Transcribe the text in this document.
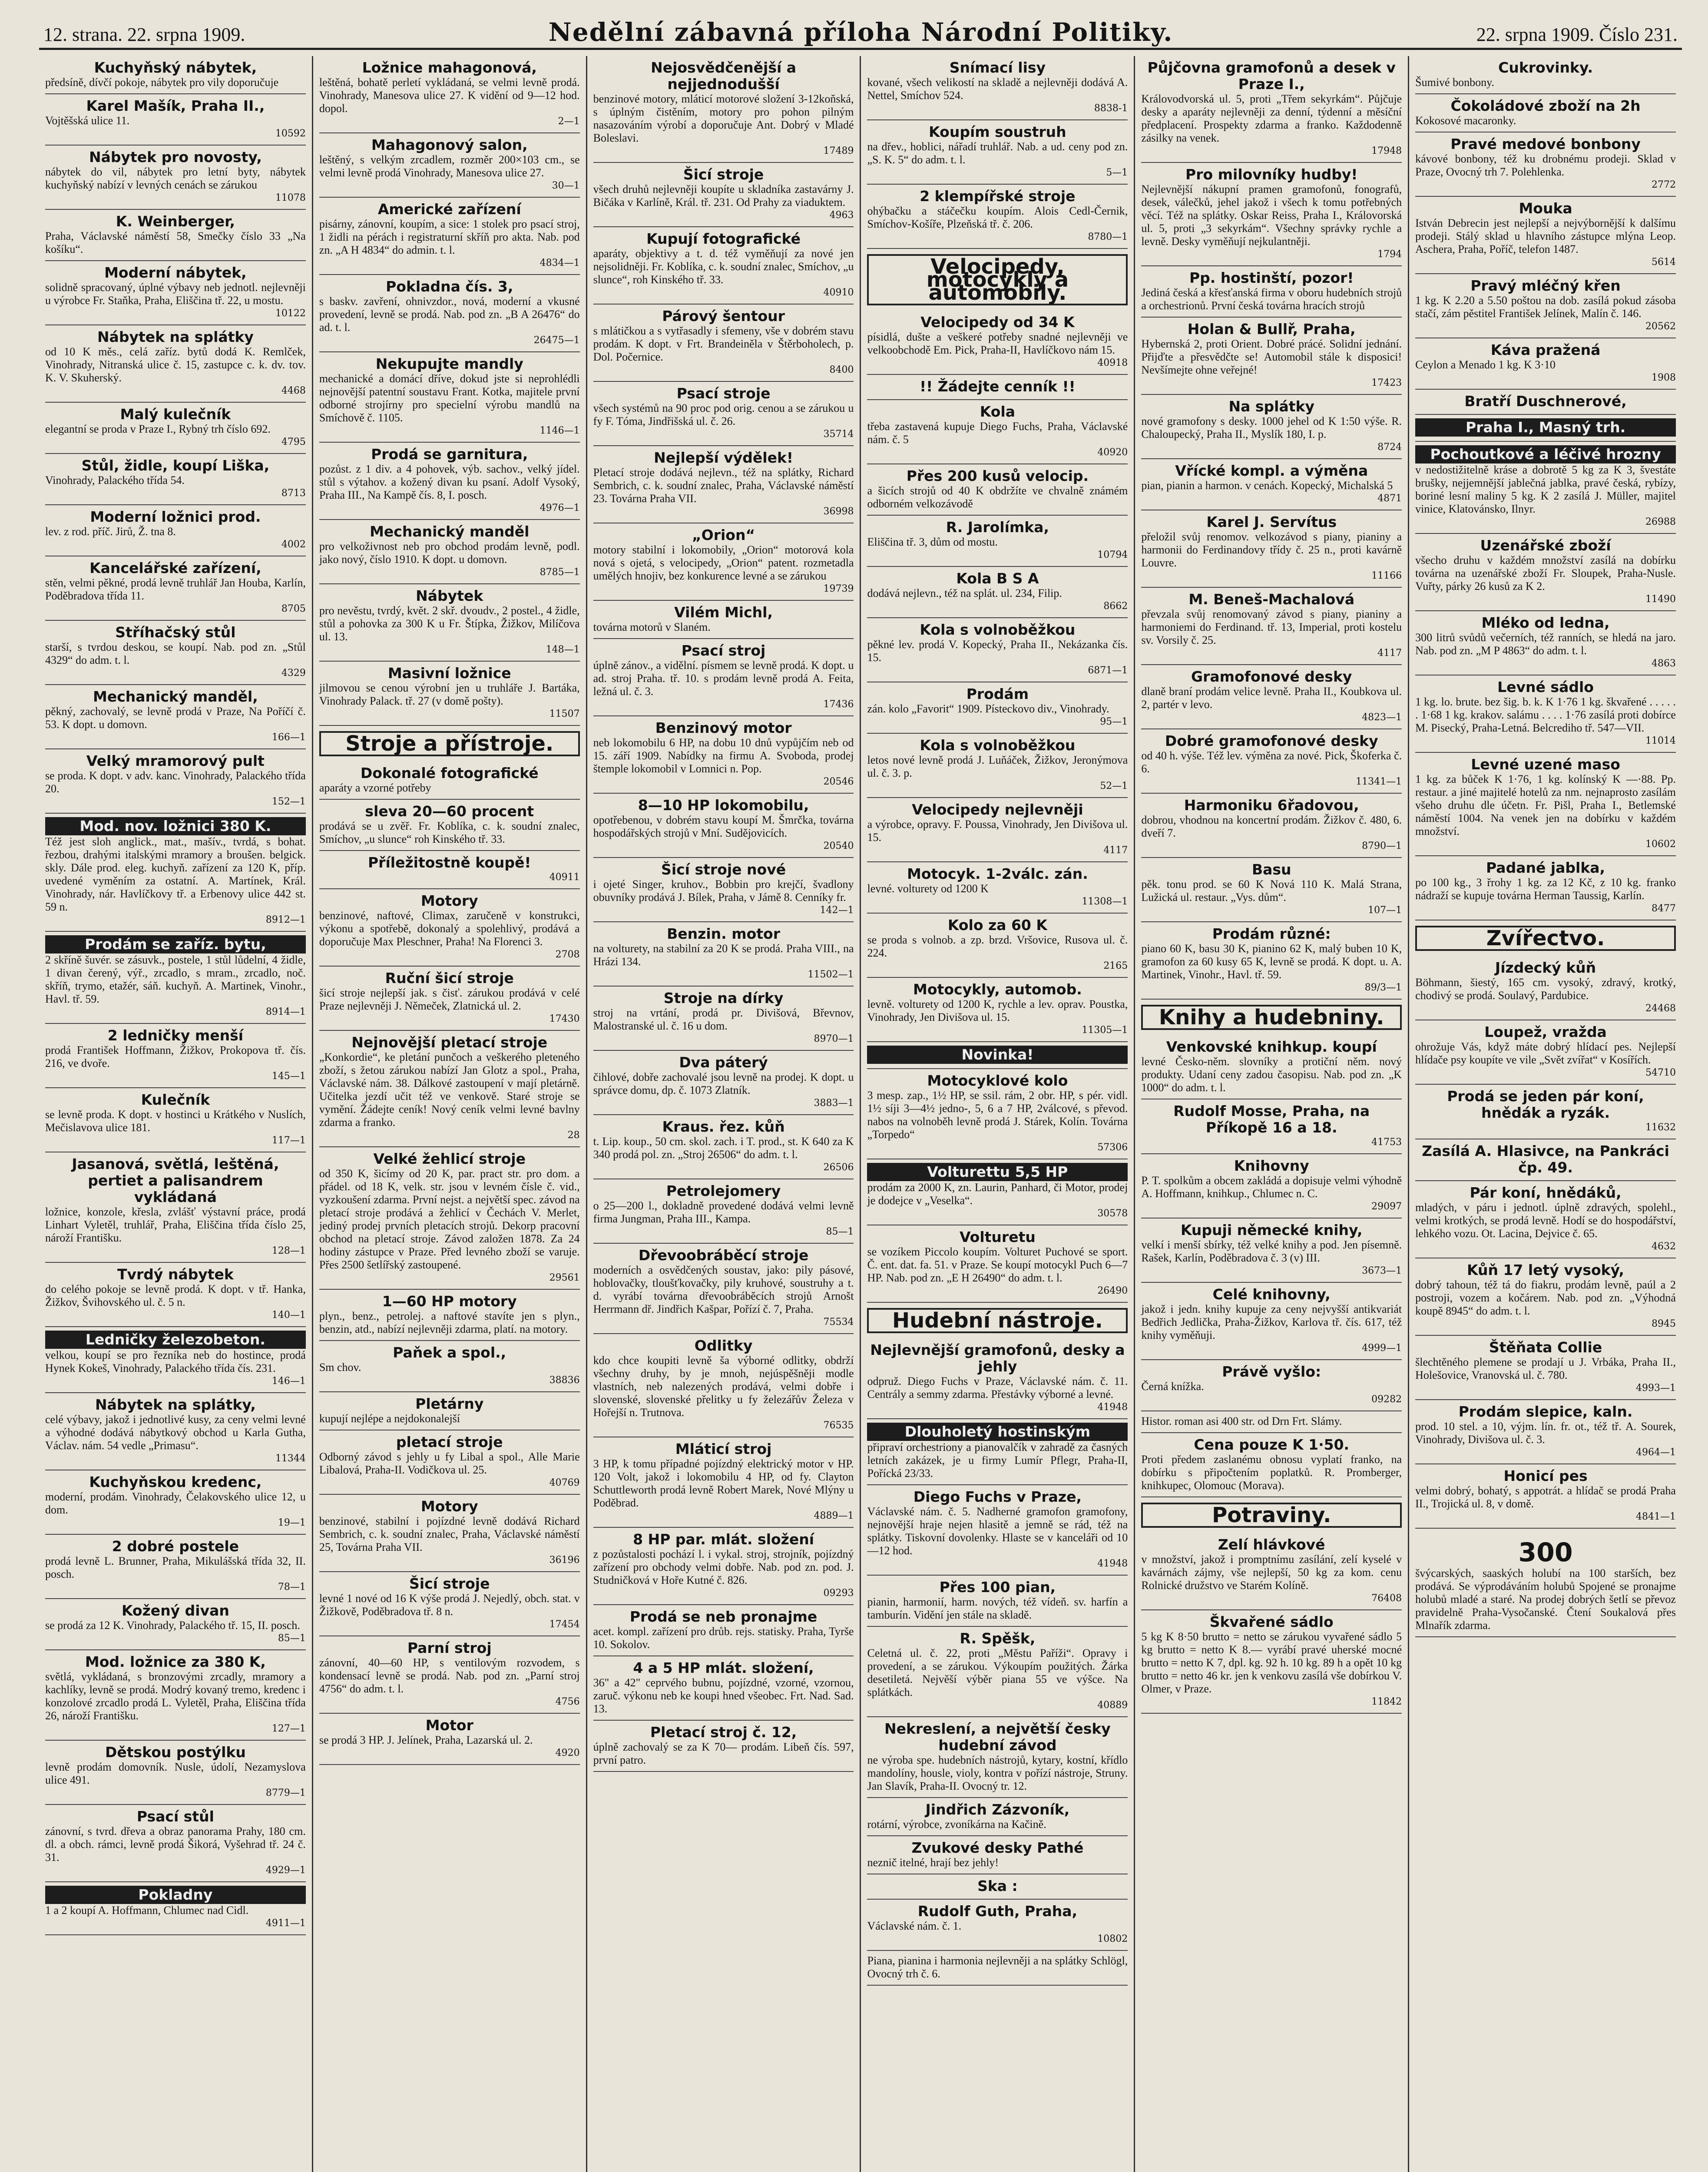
12. strana. 22. srpna 1909.	Nedělní zábavná příloha Národní Politiky.	22. srpna 1909. Číslo 231.
Kuchyňský nábytek,
předsíně, dívčí pokoje, nábytek pro vily doporučuje
Karel Mašík, Praha II.,
Vojtěšská ulice 11.
10592
Nábytek pro novosty,
nábytek do vil, nábytek pro letní byty, nábytek kuchyňský nabízí v levných cenách se zárukou
11078
K. Weinberger,
Praha, Václavské náměstí 58, Smečky číslo 33 „Na košíku“.
Moderní nábytek,
solidně spracovaný, úplné výbavy neb jednotl. nejlevněji u výrobce Fr. Staňka, Praha, Eliščina tř. 22, u mostu.
10122
Nábytek na splátky
od 10 K měs., celá zaříz. bytů dodá K. Remlček, Vinohrady, Nitranská ulice č. 15, zastupce c. k. dv. tov. K. V. Skuherský.
4468
Malý kulečník
elegantní se proda v Praze I., Rybný trh číslo 692.
4795
Stůl, židle, koupí Liška,
Vinohrady, Palackého třída 54.
8713
Moderní ložnici prod.
lev. z rod. příč. Jirů, Ž. tna 8.
4002
Kancelářské zařízení,
stěn, velmi pěkné, prodá levně truhlář Jan Houba, Karlín, Poděbradova třída 11.
8705
Stříhačský stůl
starší, s tvrdou deskou, se koupí. Nab. pod zn. „Stůl 4329“ do adm. t. l.
4329
Mechanický manděl,
pěkný, zachovalý, se levně prodá v Praze, Na Poříčí č. 53. K dopt. u domovn.
166—1
Velký mramorový pult
se proda. K dopt. v adv. kanc. Vinohrady, Palackého třída 20.
152—1
Mod. nov. ložnici 380 K.
Též jest sloh anglick., mat., mašív., tvrdá, s bohat. řezbou, drahými italskými mramory a broušen. belgick. skly. Dále prod. eleg. kuchyň. zařízení za 120 K, příp. uvedené vyměním za ostatní. A. Martínek, Král. Vinohrady, nár. Havlíčkovy tř. a Erbenovy ulice 442 st. 59 n.
8912—1
Prodám se zaříz. bytu,
2 skříně šuvér. se zásuvk., postele, 1 stůl lůdelní, 4 židle, 1 divan čerený, výř., zrcadlo, s mram., zrcadlo, noč. skříň, trymo, etažér, sáň. kuchyň. A. Martinek, Vinohr., Havl. tř. 59.
8914—1
2 ledničky menší
prodá František Hoffmann, Žižkov, Prokopova tř. čís. 216, ve dvoře.
145—1
Kulečník
se levně proda. K dopt. v hostinci u Krátkého v Nuslích, Mečislavova ulice 181.
117—1
Jasanová, světlá, leštěná, pertiet a palisandrem vykládaná
ložnice, konzole, křesla, zvlášť výstavní práce, prodá Linhart Vyletěl, truhlář, Praha, Eliščina třída číslo 25, nároží Františku.
128—1
Tvrdý nábytek
do celého pokoje se levně prodá. K dopt. v tř. Hanka, Žižkov, Švihovského ul. č. 5 n.
140—1
Ledničky železobeton.
velkou, koupí se pro řezníka neb do hostince, prodá Hynek Kokeš, Vinohrady, Palackého třída čís. 231.
146—1
Nábytek na splátky,
celé výbavy, jakož i jednotlivé kusy, za ceny velmi levné a výhodné dodává nábytkový obchod u Karla Gutha, Václav. nám. 54 vedle „Primasu“.
11344
Kuchyňskou kredenc,
moderní, prodám. Vinohrady, Čelakovského ulice 12, u dom.
19—1
2 dobré postele
prodá levně L. Brunner, Praha, Mikulášská třída 32, II. posch.
78—1
Kožený divan
se prodá za 12 K. Vinohrady, Palackého tř. 15, II. posch.
85—1
Mod. ložnice za 380 K,
světlá, vykládaná, s bronzovými zrcadly, mramory a kachlíky, levně se prodá. Modrý kovaný tremo, kredenc i konzolové zrcadlo prodá L. Vyletěl, Praha, Eliščina třída 26, nároží Františku.
127—1
Dětskou postýlku
levně prodám domovník. Nusle, údolí, Nezamyslova ulice 491.
8779—1
Psací stůl
zánovní, s tvrd. dřeva a obraz panorama Prahy, 180 cm. dl. a obch. rámci, levně prodá Šikorá, Vyšehrad tř. 24 č. 31.
4929—1
Pokladny
1 a 2 koupí A. Hoffmann, Chlumec nad Cidl.
4911—1
Ložnice mahagonová,
leštěná, bohatě perletí vykládaná, se velmi levně prodá. Vinohrady, Manesova ulice 27. K vidění od 9—12 hod. dopol.
2—1
Mahagonový salon,
leštěný, s velkým zrcadlem, rozměr 200×103 cm., se velmi levně prodá Vinohrady, Manesova ulice 27.
30—1
Americké zařízení
pisárny, zánovní, koupím, a sice: 1 stolek pro psací stroj, 1 židli na pérách i registraturní skříň pro akta. Nab. pod zn. „A H 4834“ do admin. t. l.
4834—1
Pokladna čís. 3,
s baskv. zavření, ohnivzdor., nová, moderní a vkusné provedení, levně se prodá. Nab. pod zn. „B A 26476“ do ad. t. l.
26475—1
Nekupujte mandly
mechanické a domácí dříve, dokud jste si neprohlédli nejnovější patentní soustavu Frant. Kotka, majitele první odborné strojírny pro specielní výrobu mandlů na Smíchově č. 1105.
1146—1
Prodá se garnitura,
pozůst. z 1 div. a 4 pohovek, výb. sachov., velký jídel. stůl s výtahov. a kožený divan ku psaní. Adolf Vysoký, Praha III., Na Kampě čís. 8, I. posch.
4976—1
Mechanický manděl
pro velkoživnost neb pro obchod prodám levně, podl. jako nový, číslo 1910. K dopt. u domovn.
8785—1
Nábytek
pro nevěstu, tvrdý, květ. 2 skř. dvoudv., 2 postel., 4 židle, stůl a pohovka za 300 K u Fr. Štípka, Žižkov, Milíčova ul. 13.
148—1
Masivní ložnice
jilmovou se cenou výrobní jen u truhláře J. Bartáka, Vinohrady Palack. tř. 27 (v domě pošty).
11507
Stroje a přístroje.
Dokonalé fotografické
aparáty a vzorné potřeby
sleva 20—60 procent
prodává se u zvěř. Fr. Koblíka, c. k. soudní znalec, Smíchov, „u slunce“ roh Kinského tř. 33.
Příležitostně koupě!
40911
Motory
benzinové, naftové, Climax, zaručeně v konstrukci, výkonu a spotřebě, dokonalý a spolehlivý, prodává a doporučuje Max Pleschner, Praha! Na Florenci 3.
2708
Ruční šicí stroje
šicí stroje nejlepší jak. s čisť. zárukou prodává v celé Praze nejlevněji J. Němeček, Zlatnická ul. 2.
17430
Nejnovější pletací stroje
„Konkordie“, ke pletání punčoch a veškerého pleteného zboží, s žetou zárukou nabízí Jan Glotz a spol., Praha, Václavské nám. 38. Dálkové zastoupení v mají pletárně. Učitelka jezdí učit též ve venkově. Staré stroje se vymění. Žádejte ceník! Nový ceník velmi levné bavlny zdarma a franko.
28
Velké žehlicí stroje
od 350 K, šicímy od 20 K, par. pract str. pro dom. a přádel. od 18 K, velk. str. jsou v levném čísle č. vid., vyzkoušení zdarma. První nejst. a největší spec. závod na pletací stroje prodává a žehlicí v Čechách V. Merlet, jediný prodej prvních pletacích strojů. Dekorp pracovní obchod na pletací stroje. Závod založen 1878. Za 24 hodiny zástupce v Praze. Před levného zboží se varuje. Přes 2500 šetlířský zastoupené.
29561
1—60 HP motory
plyn., benz., petrolej. a naftové stavíte jen s plyn., benzin, atd., nabízí nejlevněji zdarma, platí. na motory.
Paňek a spol.,
Sm chov.
38836
Pletárny
kupují nejlépe a nejdokonalejší
pletací stroje
Odborný závod s jehly u fy Libal a spol., Alle Marie Libalová, Praha-II. Vodičkova ul. 25.
40769
Motory
benzinové, stabilní i pojízdné levně dodává Richard Sembrich, c. k. soudní znalec, Praha, Václavské náměstí 25, Továrna Praha VII.
36196
Šicí stroje
levné 1 nové od 16 K výše prodá J. Nejedlý, obch. stat. v Žižkově, Poděbradova tř. 8 n.
17454
Parní stroj
zánovní, 40—60 HP, s ventilovým rozvodem, s kondensací levně se prodá. Nab. pod zn. „Parní stroj 4756“ do adm. t. l.
4756
Motor
se prodá 3 HP. J. Jelínek, Praha, Lazarská ul. 2.
4920
Nejosvědčenější a nejjednodušší
benzinové motory, mláticí motorové složení 3-12koňská, s úplným čistěním, motory pro pohon pilným nasazováním výrobí a doporučuje Ant. Dobrý v Mladé Boleslavi.
17489
Šicí stroje
všech druhů nejlevněji koupíte u skladníka zastavárny J. Bičáka v Karlíně, Král. tř. 231. Od Prahy za viaduktem.
4963
Kupují fotografické
aparáty, objektivy a t. d. též vyměňují za nové jen nejsolidněji. Fr. Koblíka, c. k. soudní znalec, Smíchov, „u slunce“, roh Kinského tř. 33.
40910
Párový šentour
s mlátičkou a s vytřasadly i sfemeny, vše v dobrém stavu prodám. K dopt. v Frt. Brandeiněla v Štěrboholech, p. Dol. Počernice.
8400
Psací stroje
všech systémů na 90 proc pod orig. cenou a se zárukou u fy F. Tóma, Jindřišská ul. č. 26.
35714
Nejlepší výdělek!
Pletací stroje dodává nejlevn., též na splátky, Richard Sembrich, c. k. soudní znalec, Praha, Václavské náměstí 23. Továrna Praha VII.
36998
„Orion“
motory stabilní i lokomobily, „Orion“ motorová kola nová s ojetá, s velocipedy, „Orion“ patent. rozmetadla umělých hnojiv, bez konkurence levné a se zárukou
19739
Vilém Michl,
továrna motorů v Slaném.
Psací stroj
úplně zánov., a vidělní. písmem se levně prodá. K dopt. u ad. stroj Praha. tř. 10. s prodám levně prodá A. Feita, ležná ul. č. 3.
17436
Benzinový motor
neb lokomobilu 6 HP, na dobu 10 dnů vypůjčím neb od 15. září 1909. Nabídky na firmu A. Svoboda, prodej štemple lokomobil v Lomnici n. Pop.
20546
8—10 HP lokomobilu,
opotřebenou, v dobrém stavu koupí M. Šmrčka, továrna hospodářských strojů v Mní. Sudějovicích.
20540
Šicí stroje nové
i ojeté Singer, kruhov., Bobbin pro krejčí, švadlony obuvníky prodává J. Bílek, Praha, v Jámě 8. Cenníky fr.
142—1
Benzin. motor
na volturety, na stabilní za 20 K se prodá. Praha VIII., na Hrázi 134.
11502—1
Stroje na dírky
stroj na vrtání, prodá pr. Divišová, Břevnov, Malostranské ul. č. 16 u dom.
8970—1
Dva páterý
čihlové, dobře zachovalé jsou levně na prodej. K dopt. u správce domu, dp. č. 1073 Zlatník.
3883—1
Kraus. řez. kůň
t. Lip. koup., 50 cm. skol. zach. i T. prod., st. K 640 za K 340 prodá pol. zn. „Stroj 26506“ do adm. t. l.
26506
Petrolejomery
o 25—200 l., dokladně provedené dodává velmi levně firma Jungman, Praha III., Kampa.
85—1
Dřevoobráběcí stroje
moderních a osvědčených soustav, jako: pily pásové, hoblovačky, tloušťkovačky, pily kruhové, soustruhy a t. d. vyrábí továrna dřevoobráběcích strojů Arnošt Herrmann dř. Jindřich Kašpar, Pořízí č. 7, Praha.
75534
Odlitky
kdo chce koupiti levně ša výborné odlitky, obdrží všechny druhy, by je mnoh, nejúspěšněji modle vlastních, neb nalezených prodává, velmi dobře i slovenské, slovenské přelitky u fy železářův Železa v Hořejší n. Trutnova.
76535
Mláticí stroj
3 HP, k tomu případné pojízdný elektrický motor v HP. 120 Volt, jakož i lokomobilu 4 HP, od fy. Clayton Schuttleworth prodá levně Robert Marek, Nové Mlýny u Poděbrad.
4889—1
8 HP par. mlát. složení
z pozůstalosti pochází l. i vykal. stroj, strojník, pojízdný zařízení pro obchody velmi dobře. Nab. pod zn. pod. J. Studničková v Hoře Kutné č. 826.
09293
Prodá se neb pronajme
acet. kompl. zařízení pro drůb. rejs. statisky. Praha, Tyrše 10. Sokolov.
4 a 5 HP mlát. složení,
36" a 42" ceprvého bubnu, pojízdné, vzorné, vzornou, zaruč. výkonu neb ke koupi hned všeobec. Frt. Nad. Sad. 13.
Pletací stroj č. 12,
úplně zachovalý se za K 70— prodám. Libeň čís. 597, první patro.
Snímací lisy
kované, všech velikostí na skladě a nejlevněji dodává A. Nettel, Smíchov 524.
8838-1
Koupím soustruh
na dřev., hoblici, nářadí truhlář. Nab. a ud. ceny pod zn. „S. K. 5“ do adm. t. l.
5—1
2 klempířské stroje
ohýbačku a stáčečku koupím. Alois Cedl-Černik, Smíchov-Košíře, Plzeňská tř. č. 206.
8780—1
Velocipedy, motocykly a automobily.
Velocipedy od 34 K
písidlá, dušte a veškeré potřeby snadné nejlevněji ve velkoobchodě Em. Pick, Praha-II, Havlíčkovo nám 15.
40918
!! Žádejte cenník !!
Kola
třeba zastavená kupuje Diego Fuchs, Praha, Václavské nám. č. 5
40920
Přes 200 kusů velocip.
a šicích strojů od 40 K obdržíte ve chvalně známém odborném velkozávodě
R. Jarolímka,
Eliščina tř. 3, dům od mostu.
10794
Kola B S A
dodává nejlevn., též na splát. ul. 234, Filip.
8662
Kola s volnoběžkou
pěkné lev. prodá V. Kopecký, Praha II., Nekázanka čís. 15.
6871—1
Prodám
zán. kolo „Favorit“ 1909. Písteckovo div., Vinohrady.
95—1
Kola s volnoběžkou
letos nové levně prodá J. Luňáček, Žižkov, Jeronýmova ul. č. 3. p.
52—1
Velocipedy nejlevněji
a výrobce, opravy. F. Poussa, Vinohrady, Jen Divišova ul. 15.
4117
Motocyk. 1-2válc. zán.
levné. volturety od 1200 K
11308—1
Kolo za 60 K
se proda s volnob. a zp. brzd. Vršovice, Rusova ul. č. 224.
2165
Motocykly, automob.
levně. volturety od 1200 K, rychle a lev. oprav. Poustka, Vinohrady, Jen Divišova ul. 15.
11305—1
Novinka!
Motocyklové kolo
3 mesp. zap., 1½ HP, se ssil. rám, 2 obr. HP, s pér. vidl. 1½ síji 3—4½ jedno-, 5, 6 a 7 HP, 2válcové, s převod. nabos na volnoběh levně prodá J. Stárek, Kolín. Továrna „Torpedo“
57306
Volturettu 5,5 HP
prodám za 2000 K, zn. Laurin, Panhard, či Motor, prodej je dodejce v „Veselka“.
30578
Volturetu
se vozíkem Piccolo koupím. Volturet Puchové se sport. Č. ent. dat. fa. 51. v Praze. Se koupí motocykl Puch 6—7 HP. Nab. pod zn. „E H 26490“ do adm. t. l.
26490
Hudební nástroje.
Nejlevnější gramofonů, desky a jehly
odpruž. Diego Fuchs v Praze, Václavské nám. č. 11. Centrály a semmy zdarma. Přestávky výborné a levné.
41948
Dlouholetý hostinským
připraví orchestriony a pianovalčík v zahradě za časných letních zakázek, je u firmy Lumír Pflegr, Praha-II, Pořícká 23/33.
Diego Fuchs v Praze,
Václavské nám. č. 5. Nadherné gramofon gramofony, nejnovější hraje nejen hlasitě a jemně se rád, též na splátky. Tiskovní dovolenky. Hlaste se v kanceláři od 10—12 hod.
41948
Přes 100 pian,
pianin, harmonií, harm. nových, též vídeň. sv. harfín a tamburín. Vidění jen stále na skladě.
R. Spěšk,
Celetná ul. č. 22, proti „Městu Paříži“. Opravy i provedení, a se zárukou. Výkoupím použitých. Žárka desetiletá. Nejvěší výběr piana 55 ve výšce. Na splátkách.
40889
Nekreslení, a největší česky hudební závod
ne výroba spe. hudebních nástrojů, kytary, kostní, křídlo mandolíny, housle, violy, kontra v pořízí nástroje, Struny. Jan Slavík, Praha-II. Ovocný tr. 12.
Jindřich Zázvoník,
rotární, výrobce, zvoníkárna na Kačině.
Zvukové desky Pathé
neznič itelné, hrají bez jehly!
Ska :
Rudolf Guth, Praha,
Václavské nám. č. 1.
10802
Piana, pianina i harmonia nejlevněji a na splátky Schlögl, Ovocný trh č. 6.
Půjčovna gramofonů a desek v Praze I.,
Královodvorská ul. 5, proti „Třem sekyrkám“. Půjčuje desky a aparáty nejlevněji za denní, týdenní a měsíční předplacení. Prospekty zdarma a franko. Každodenně zásilky na venek.
17948
Pro milovníky hudby!
Nejlevnější nákupní pramen gramofonů, fonografů, desek, válečků, jehel jakož i všech k tomu potřebných věcí. Též na splátky. Oskar Reiss, Praha I., Královorská ul. 5, proti „3 sekyrkám“. Všechny správky rychle a levně. Desky vyměňují nejkulantněji.
1794
Pp. hostinští, pozor!
Jediná česká a křesťanská firma v oboru hudebních strojů a orchestrionů. První česká továrna hracích strojů
Holan & Bullř, Praha,
Hybernská 2, proti Orient. Dobré prácé. Solidní jednání. Přijďte a přesvědčte se! Automobil stále k disposici! Nevšímejte ohne veřejné!
17423
Na splátky
nové gramofony s desky. 1000 jehel od K 1:50 výše. R. Chaloupecký, Praha II., Myslík 180, I. p.
8724
Vřícké kompl. a výměna
pian, pianin a harmon. v cenách. Kopecký, Michalská 5
4871
Karel J. Servítus
přeložil svůj renomov. velkozávod s piany, pianiny a harmonii do Ferdinandovy třídy č. 25 n., proti kavárně Louvre.
11166
M. Beneš-Machalová
převzala svůj renomovaný závod s piany, pianiny a harmoniemi do Ferdinand. tř. 13, Imperial, proti kostelu sv. Vorsily č. 25.
4117
Gramofonové desky
dlaně braní prodám velice levně. Praha II., Koubkova ul. 2, partér v levo.
4823—1
Dobré gramofonové desky
od 40 h. výše. Též lev. výměna za nové. Pick, Škoferka č. 6.
11341—1
Harmoniku 6řadovou,
dobrou, vhodnou na koncertní prodám. Žižkov č. 480, 6. dveří 7.
8790—1
Basu
pěk. tonu prod. se 60 K Nová 110 K. Malá Strana, Lužická ul. restaur. „Vys. dům“.
107—1
Prodám různé:
piano 60 K, basu 30 K, pianino 62 K, malý buben 10 K, gramofon za 60 kusy 65 K, levně se prodá. K dopt. u. A. Martinek, Vinohr., Havl. tř. 59.
89/3—1
Knihy a hudebniny.
Venkovské knihkup. koupí
levné Česko-něm. slovníky a protiční něm. nový produkty. Udaní ceny zadou časopisu. Nab. pod zn. „K 1000“ do adm. t. l.
Rudolf Mosse, Praha, na Příkopě 16 a 18.
41753
Knihovny
P. T. spolkům a obcem zakládá a dopisuje velmi výhodně A. Hoffmann, knihkup., Chlumec n. C.
29097
Kupuji německé knihy,
velkí i menší sbírky, též velké knihy a pod. Jen písemně. Rašek, Karlín, Poděbradova č. 3 (v) III.
3673—1
Celé knihovny,
jakož i jedn. knihy kupuje za ceny nejvyšší antikvariát Bedřich Jedlička, Praha-Žižkov, Karlova tř. čís. 617, též knihy vyměňuji.
4999—1
Právě vyšlo:
Černá knížka.
09282
Histor. roman asi 400 str. od Drn Frt. Slámy.
Cena pouze K 1·50.
Proti předem zaslanému obnosu vyplatí franko, na dobírku s připočtením poplatků. R. Promberger, knihkupec, Olomouc (Morava).
Potraviny.
Zelí hlávkové
v množství, jakož i promptnímu zasílání, zelí kyselé v kavárnách zájmy, vše nejlepší, 50 kg za kom. cenu Rolnické družstvo ve Starém Kolíně.
76408
Škvařené sádlo
5 kg K 8·50 brutto = netto se zárukou vyvařené sádlo 5 kg brutto = netto K 8.— vyrábí pravé uherské mocné brutto = netto K 7, dpl. kg. 92 h. 10 kg. 89 h a opět 10 kg brutto = netto 46 kr. jen k venkovu zasílá vše dobírkou V. Olmer, v Praze.
11842
Cukrovinky.
Šumivé bonbony.
Čokoládové zboží na 2h
Kokosové macaronky.
Pravé medové bonbony
kávové bonbony, též ku drobnému prodeji. Sklad v Praze, Ovocný trh 7. Polehlenka.
2772
Mouka
István Debrecin jest nejlepší a nejvýbornější k dalšímu prodeji. Stálý sklad u hlavního zástupce mlýna Leop. Aschera, Praha, Poříč, telefon 1487.
5614
Pravý mléčný křen
1 kg. K 2.20 a 5.50 poštou na dob. zasílá pokud zásoba stačí, zám pěstitel František Jelínek, Malín č. 146.
20562
Káva pražená
Ceylon a Menado 1 kg. K 3·10
1908
Bratří Duschnerové,
Praha I., Masný trh.
Pochoutkové a léčivé hrozny
v nedostižitelně kráse a dobrotě 5 kg za K 3, švestáte brušky, nejjemnější jablečná jablka, pravé česká, rybízy, boriné lesní maliny 5 kg. K 2 zasílá J. Müller, majitel vinice, Klatovánsko, Ilnyr.
26988
Uzenářské zboží
všecho druhu v každém množství zasílá na dobírku továrna na uzenářské zboží Fr. Sloupek, Praha-Nusle. Vuřty, párky 26 kusů za K 2.
11490
Mléko od ledna,
300 litrů svůdů večerních, též ranních, se hledá na jaro. Nab. pod zn. „M P 4863“ do adm. t. l.
4863
Levné sádlo
1 kg. lo. brute. bez šig. b. k. K 1·76 1 kg. škvařené . . . . . . 1·68 1 kg. krakov. salámu . . . . 1·76 zasílá proti dobírce M. Pisecký, Praha-Letná. Belcrediho tř. 547—VII.
11014
Levné uzené maso
1 kg. za bůček K 1·76, 1 kg. kolínský K —·88. Pp. restaur. a jiné majitelé hotelů za nm. nejnaprosto zasílám všeho druhu dle účetn. Fr. Pišl, Praha I., Betlemské náměstí 1004. Na venek jen na dobírku v každém množství.
10602
Padané jablka,
po 100 kg., 3 řrohy 1 kg. za 12 Kč, z 10 kg. franko nádraží se kupuje továrna Herman Taussig, Karlín.
8477
Zvířectvo.
Jízdecký kůň
Böhmann, šiestý, 165 cm. vysoký, zdravý, krotký, chodivý se prodá. Soulavý, Pardubice.
24468
Loupež, vražda
ohrožuje Vás, když máte dobrý hlídací pes. Nejlepší hlídače psy koupíte ve vile „Svět zvířat“ v Kosířích.
54710
Prodá se jeden pár koní, hnědák a ryzák.
11632
Zasílá A. Hlasivce, na Pankráci čp. 49.
Pár koní, hnědáků,
mladých, v páru i jednotl. úplně zdravých, spolehl., velmi krotkých, se prodá levně. Hodí se do hospodářství, lehkého vozu. Ot. Lacina, Dejvice č. 65.
4632
Kůň 17 letý vysoký,
dobrý tahoun, též tá do fiakru, prodám levně, paúl a 2 postroji, vozem a kočárem. Nab. pod zn. „Výhodná koupě 8945“ do adm. t. l.
8945
Štěňata Collie
šlechtěného plemene se prodají u J. Vrbáka, Praha II., Holešovice, Vranovská ul. č. 780.
4993—1
Prodám slepice, kaln.
prod. 10 stel. a 10, výjm. lín. fr. ot., též tř. A. Sourek, Vinohrady, Divišova ul. č. 3.
4964—1
Honicí pes
velmi dobrý, bohatý, s appotrát. a hlídač se prodá Praha II., Trojická ul. 8, v domě.
4841—1
300
švýcarských, saaských holubí na 100 starších, bez prodává. Se výprodáváním holubů Spojené se pronajme holubů mladé a staré. Na prodej dobrých šetlí se převoz pravidelně Praha-Vysočanské. Čtení Soukalová přes Mlnařík zdarma.
